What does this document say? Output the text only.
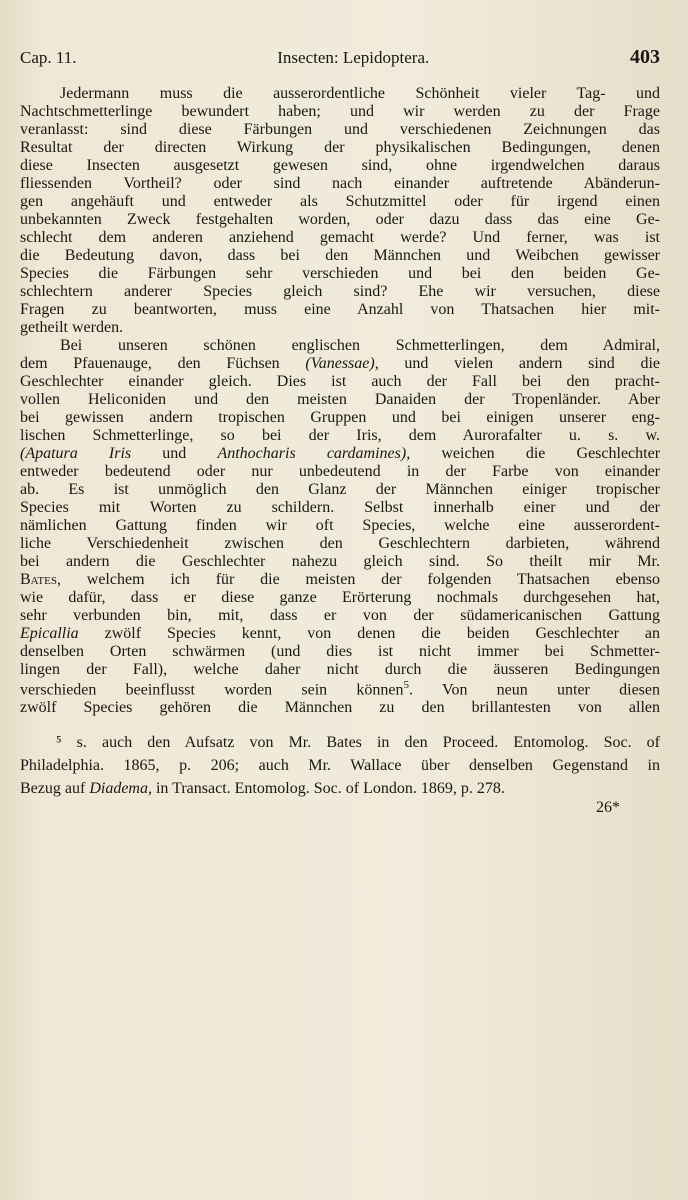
Cap. 11.	Insecten: Lepidoptera.	403
Jedermann muss die ausserordentliche Schönheit vieler Tag- und
Nachtschmetterlinge bewundert haben; und wir werden zu der Frage
veranlasst: sind diese Färbungen und verschiedenen Zeichnungen das
Resultat der directen Wirkung der physikalischen Bedingungen, denen
diese Insecten ausgesetzt gewesen sind, ohne irgendwelchen daraus
fliessenden Vortheil? oder sind nach einander auftretende Abänderun-
gen angehäuft und entweder als Schutzmittel oder für irgend einen
unbekannten Zweck festgehalten worden, oder dazu dass das eine Ge-
schlecht dem anderen anziehend gemacht werde? Und ferner, was ist
die Bedeutung davon, dass bei den Männchen und Weibchen gewisser
Species die Färbungen sehr verschieden und bei den beiden Ge-
schlechtern anderer Species gleich sind? Ehe wir versuchen, diese
Fragen zu beantworten, muss eine Anzahl von Thatsachen hier mit-
getheilt werden.
Bei unseren schönen englischen Schmetterlingen, dem Admiral,
dem Pfauenauge, den Füchsen (Vanessae), und vielen andern sind die
Geschlechter einander gleich. Dies ist auch der Fall bei den pracht-
vollen Heliconiden und den meisten Danaiden der Tropenländer. Aber
bei gewissen andern tropischen Gruppen und bei einigen unserer eng-
lischen Schmetterlinge, so bei der Iris, dem Aurorafalter u. s. w.
(Apatura Iris und Anthocharis cardamines), weichen die Geschlechter
entweder bedeutend oder nur unbedeutend in der Farbe von einander
ab. Es ist unmöglich den Glanz der Männchen einiger tropischer
Species mit Worten zu schildern. Selbst innerhalb einer und der
nämlichen Gattung finden wir oft Species, welche eine ausserordent-
liche Verschiedenheit zwischen den Geschlechtern darbieten, während
bei andern die Geschlechter nahezu gleich sind. So theilt mir Mr.
Bates, welchem ich für die meisten der folgenden Thatsachen ebenso
wie dafür, dass er diese ganze Erörterung nochmals durchgesehen hat,
sehr verbunden bin, mit, dass er von der südamericanischen Gattung
Epicallia zwölf Species kennt, von denen die beiden Geschlechter an
denselben Orten schwärmen (und dies ist nicht immer bei Schmetter-
lingen der Fall), welche daher nicht durch die äusseren Bedingungen
verschieden beeinflusst worden sein können$^5$. Von neun unter diesen
zwölf Species gehören die Männchen zu den brillantesten von allen
⁵ s. auch den Aufsatz von Mr. Bates in den Proceed. Entomolog. Soc. of
Philadelphia. 1865, p. 206; auch Mr. Wallace über denselben Gegenstand in
Bezug auf Diadema, in Transact. Entomolog. Soc. of London. 1869, p. 278.
26*
